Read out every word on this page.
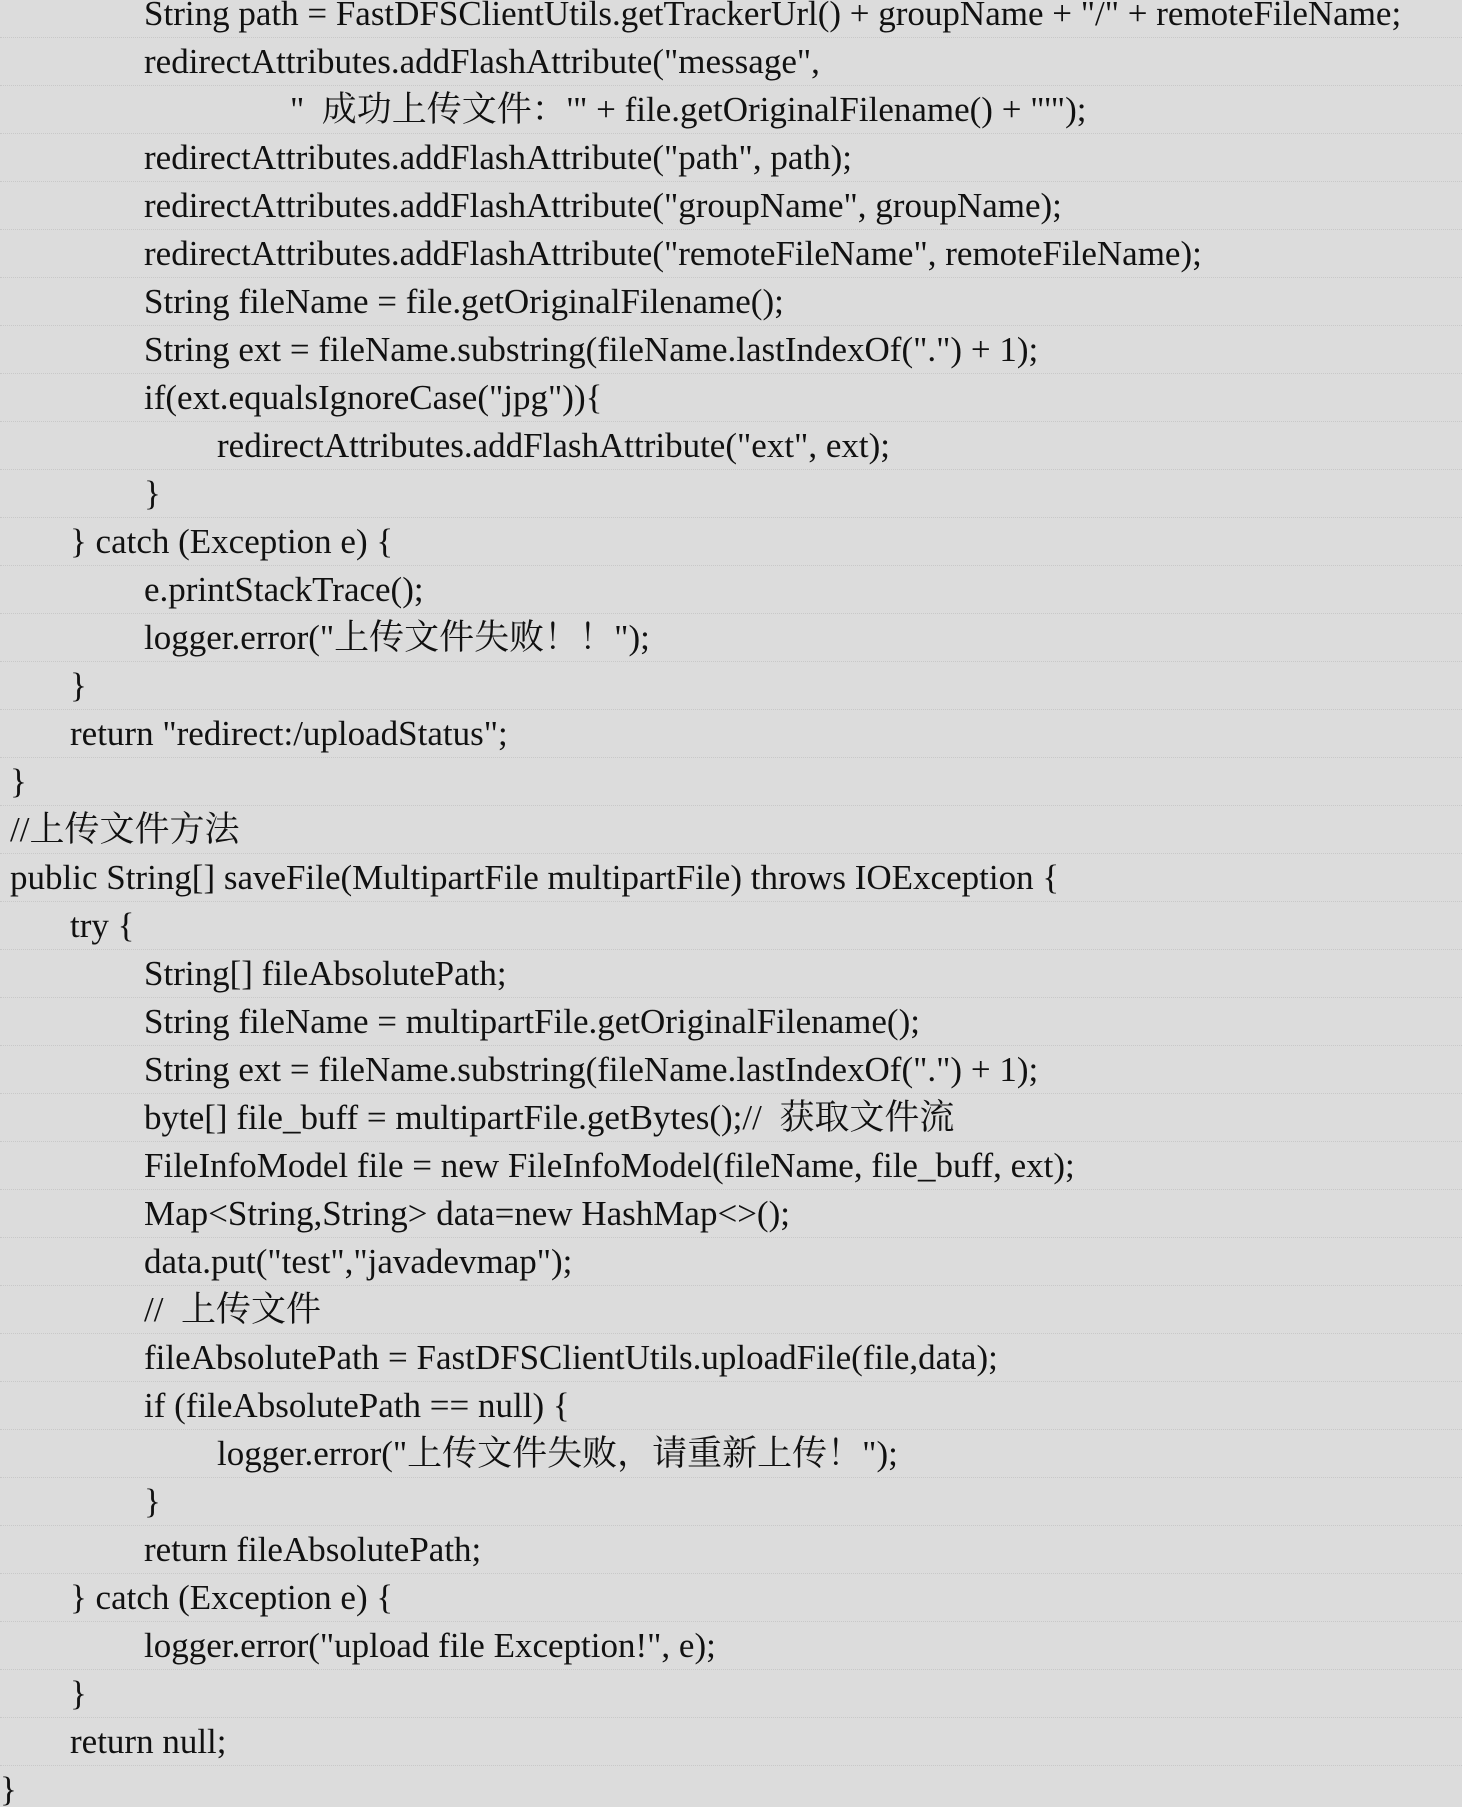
String path = FastDFSClientUtils.getTrackerUrl() + groupName + "/" + remoteFileName;
redirectAttributes.addFlashAttribute("message",
"  成功上传文件：'" + file.getOriginalFilename() + "'");
redirectAttributes.addFlashAttribute("path", path);
redirectAttributes.addFlashAttribute("groupName", groupName);
redirectAttributes.addFlashAttribute("remoteFileName", remoteFileName);
String fileName = file.getOriginalFilename();
String ext = fileName.substring(fileName.lastIndexOf(".") + 1);
if(ext.equalsIgnoreCase("jpg")){
redirectAttributes.addFlashAttribute("ext", ext);
}
} catch (Exception e) {
e.printStackTrace();
logger.error("上传文件失败！！");
}
return "redirect:/uploadStatus";
}
//上传文件方法
public String[] saveFile(MultipartFile multipartFile) throws IOException {
try {
String[] fileAbsolutePath;
String fileName = multipartFile.getOriginalFilename();
String ext = fileName.substring(fileName.lastIndexOf(".") + 1);
byte[] file_buff = multipartFile.getBytes();//  获取文件流
FileInfoModel file = new FileInfoModel(fileName, file_buff, ext);
Map<String,String> data=new HashMap<>();
data.put("test","javadevmap");
//  上传文件
fileAbsolutePath = FastDFSClientUtils.uploadFile(file,data);
if (fileAbsolutePath == null) {
logger.error("上传文件失败，请重新上传！");
}
return fileAbsolutePath;
} catch (Exception e) {
logger.error("upload file Exception!", e);
}
return null;
}
